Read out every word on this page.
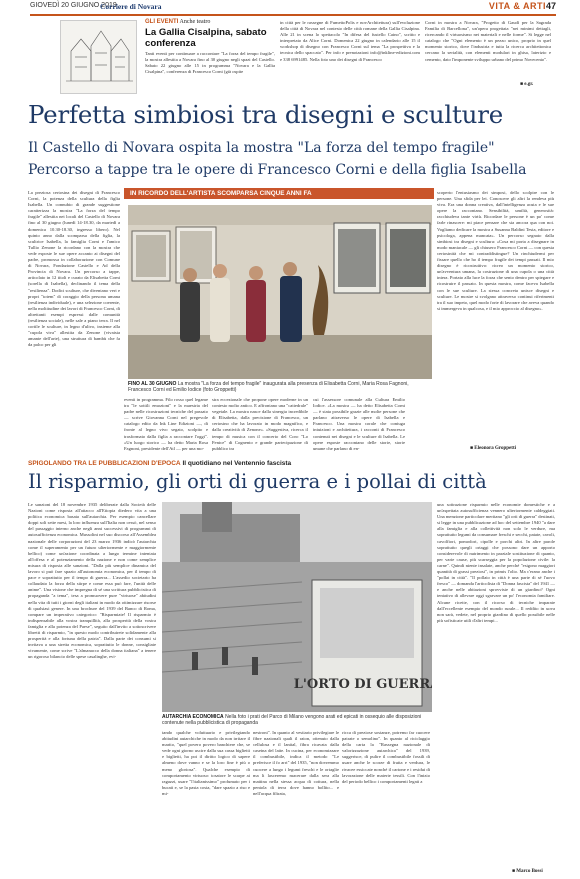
GIOVEDÌ 20 GIUGNO 2019
Corriere di Novara	VITA & ARTI 47
GLI EVENTI Anche teatro
La Gallia Cisalpina, sabato conferenza
Tanti eventi per continuare a raccontare "La forza del tempo fragile", la mostra allestita a Novara fino al 30 giugno negli spazi del Castello. Sabato 22 giugno alle 15 in programma "Novara e la Gallia Cisalpina", conferenza di Francesco Corni (già ospite
in città per le rassegne di FumettoPolis e novArchitettura) sull'evoluzione della città di Novara nel contesto delle città romane della Gallia Cisalpina. Alle 21 in scena lo spettacolo "In difesa del fustello Caino", scritto e interpretato da Alice Corni. Domenica 22 giugno in calendario alle 15 il workshop di disegno con Francesco Corni sul tema "La prospettiva e la tecnica dello spaccato". Per info e prenotazioni info@inkline-edizioni.com e 338 6991485. Nella foto uno dei disegni di Francesco
Corni in mostra a Novara, "Progetto di Gaudí per la Sagrada Familia di Barcellona", un'opera progettata "nei minimi dettagli, ricercando il virtuosismo nei materiali e nelle forme". Si legge nel catalogo che "Ogni elemento è un pezzo unico, proprio in quel momento storico, dove l'industria e tutta la ricerca architettonica cercano la serialità, con elementi modulari in ghisa, laterizio e cemento, dato l'imponente sviluppo urbano del primo Novecento".
■ e.gr.
Perfetta simbiosi tra disegni e sculture
Il Castello di Novara ospita la mostra "La forza del tempo fragile"
Percorso a tappe tra le opere di Francesco Corni e della figlia Isabella
La preziosa certosina dei disegni di Francesco Corni, la potenza della scultura della figlia Isabella. Un connubio di grande suggestione caratterizza la mostra "La forza del tempo fragile" allestita nei locali del Castello di Novara fino al 30 giugno (lunedì 14-18.30, da martedì a domenica 10.30-18.30, ingresso libero). Nel quinto anno dalla scomparsa della figlia, la scultrice Isabella, la famiglia Corni e l'amico Tullio Zenone la ricordano con la mostra che vede esposte le sue opere accanto ai disegni del padre, promossa in collaborazione con Comune di Novara, Fondazione Castello e Ad della Provincia di Novara. Un percorso a tappe, articolato in 12 titoli e curato da Elisabetta Corni (sorella di Isabella), declinando il tema della "resilienza". Dodici sculture, che diventano veri e propri "totem" di coraggio della persona umana (resilienza individuale), e una selezione coerente, nella moltitudine dei lavori di Francesco Corni, di altrettanti esempi espressi dalle comunità (resilienza sociale), nelle sale a piano terra. Il nel cortile le sculture, in legno d'ulivo, insieme alla "cupola viva" allestita da Zenone (vivaista amante dell'arte), una struttura di bambù che fa da palco per gli
IN RICORDO DELL'ARTISTA SCOMPARSA CINQUE ANNI FA
FINO AL 30 GIUGNO La mostra "La forza del tempo fragile" inaugurata alla presenza di Elisabetta Corni, Maria Rosa Fagnoni, Francesco Corni ed Emilio Iodice (foto Groppetti)
eventi in programma. Filo rosso quel legame tra "le sottili emozioni" e la maestria del padre nelle ricostruzioni tecniche del passato — scrive Giovanna Corni nel pregevole catalogo edito da Ink Line Edizioni —, di fronte al legno vivo segato, scolpito e trasformato dalla figlia a raccontare l'oggi". «Un luogo storico — ha detto Maria Rosa Fagnoni, presidente dell'Atl — per una mo-
stra eccezionale che propone opere moderne in un contesto molto antico. E affrontano una "cattedrale" vegetale. La mostra nasce dalla sinergia incredibile di Elisabetta, dalla precisione di Francesco, un certosino che ha lavorato in modo magnifico, e dalla creatività di Zenone». «Suggestiva, ricerca il tempo di musica con il concerto del Coro "Lo Fenice" di Cognento e grande partecipazione di pubblico tra
cui l'assessore comunale alla Cultura Emilio Iodice. «La mostra — ha detto Elisabetta Corni — è stata possibile grazie alle molte persone che parlano attraverso le opere di Isabella e Francesco. Una mostra corale che coniuga intuizioni e architettura, i racconti di Francesco contenuti nei disegni e le sculture di Isabella. Le opere esposte raccontano delle storie, storie umane che parlano di en-
scoperto l'entusiasmo dei simposi, dello scolpire con le persone. Una sfida per lei. Conoscere gli altri la rendeva più viva. Era una donna creativa, dall'intelligenza acuta e le sue opere la raccontano. Sensibilità, umiltà, generosità: racchiudeva tante virtù. Ricordare le persone è un po' come farle rinascere: mi piace pensare che sia ancora qua con noi. Vogliamo dedicare la mostra a Susanna Baldini Testa, editore e psicologa, appena mancata». Un percorso segnato dalla simbiosi tra disegni e scultura: «Cosa mi porta a disegnare in modo maniacale — gli chiusero Francesco Corni — con questa certosinità che mi contraddistingue? Un rinchiudermi per fissare quello che ho il tempo fragile dei tempi passati. Il mio disegno è ricostruttivo: ricreo un momento storico, un'avventura umana, la costruzione di una cupola o una città intera. Portato alla luce la forza che sento dentro per spiegare e ricostruire il passato. In questa mostra, come faceva Isabella con le sue sculture. La stessa concreta unisce disegni e sculture. Le mostre si svolgano attraverso continui riferimenti tra il suo impeto, quel modo forte di lavorare che aveva quando si immergeva in qualcosa, e il mio approccio al disegno».
■ Eleonora Groppetti
SPIGOLANDO TRA LE PUBBLICAZIONI D'EPOCA Il quotidiano nel Ventennio fascista
Il risparmio, gli orti di guerra e i pollai di città
Le sanzioni del 18 novembre 1935 deliberate dalla Società delle Nazioni come risposta all'attacco all'Etiopia diedero vita a una politica economica basata sull'autarchia. Per esempio cancellare doppi soli sette mesi, la loro influenza sull'Italia non cessò, nel senso del passaggio interno anche negli anni successivi di programmi di autosufficienza economica. Mussolini nel suo discorso all'Assemblea nazionale delle corporazioni del 23 marzo 1936 indicò l'autarchia come il superamento per un futuro ulteriormente e maggiormente bellico) come un'azione coordinata a lungo termine intentata all'offesa e al potenziamento della nazione e non come semplice misura di risposta alle sanzioni. "Dalla più semplice dinamica del lavoro si può fare spazio all'autonomia economica, per il tempo di pace e soprattutto per il tempo di guerra... L'assedio societario ha collaudato la forza della stirpe e come essa può fare, l'unità delle anime". Una visione che impregna di sé una scrittura pubblicistica di propaganda "a tema", tesa a promuovere pure "virtuose" abitudini nella vita di tutti i giorni degli italiani in modo da ottimizzare risorse di qualsiasi genere. In una brochure del 1939 del Banco di Roma, compare un imperativo categorico: "Risparmiate! Il risparmio è indispensabile alla vostra tranquillità, alla prosperità della vostra famiglia e alla potenza del Paese", seguito dall'invito a sottoscrivere libretti di risparmio, "in questo modo contribuirete solidamente alla prosperità e alla fortuna della patria". Dalla parte dei consumi si invitava a una stretta economica, soprattutto le donne, consigliate vivamente, come scrive "L'almanacco della donna italiana" a tenere un rigoroso bilancio delle spese casalinghe, evi-
L'ORTO DI GUERRA
AUTARCHIA ECONOMICA Nella foto i prati del Parco di Milano vengono arati ed epicati in ossequio alle disposizioni contenute nella pubblicistica di propaganda
tando qualche voluttuario e privilegiando abitudini autarchiche in modo da non irritare il marito, "quel povero povero banchiere che, se vede ogni giorno uscire dalla sua cassa biglietti e biglietti, ha poi il diritto logico di sapere almeno dove vanno e se la loro fine è più o meno gloriosa". Qualche esempio di comportamento virtuoso: tosatore le scarpe ai ragazzi, usare "l'italianissimo" profumato per i bucati e, se la pasta costa, "dare spazio a riso e mi-
nestroni". In quanto al vestiario privilegiare le fibre nazionali quali il raion, ottenuto dalla cellulosa e il lanital, fibra ricavata dalla caseina del latte. In cucina, per economizzare il combustibile, indica il metodo "Le preferisce il fo arri" del 1935, "non dovremmo cuocere a lungo i legumi freschi e le ortaglie ma li lasceremo macerare dalla sera alla mattina nella stessa acqua di cottura, nella pentola di terra dove hanno bollito... e nell'acqua filtrata,
ricca di preziose sostanze, potremo far cuocere patrate o semolino". In quanto al riciclaggio della carta la "Rassegna nazionale di valorizzazione autarchica" del 1939, suggerisce, di pulire il combustibile fossili di usare anche le scorze di frutta e verdura, le rivacee essiccate nonché il cartone e i residui di lavorazione delle materie tessili. Con l'inizio del periodo bellico i comportamenti legati a
una sottrazione risparmio nelle economie domestiche e a un'aspettata autosufficienza vennero ulteriormente caldeggiati. Una menzione particolare meritano "gli orti di guerra" destinati, si legge in una pubblicazione ad hoc del settembre 1940 "a dare alla famiglia e alla collettività non solo le verdure, ma soprattutto legumi da consumare freschi e secchi, patate, cavoli, cavolfiori, pomodori, cipolle e porchi altri. In altre parole soprattutto quegli ortaggi che possono dare un apporto considerevole di nutrimento in parziale sostituzione di quanto, per varie cause, più scarseggia per la popolazione civile: la carne". Quindi niente insalate, anche perché "esigono maggiori quantità di grassi preziosi", in primis l'olio. Ma c'erano anche i "pollai in città". "Il pollaio in città è una parte di sé l'uovo fresco" — domanda l'articolista di "Donna fascista" del 1941 — e anche nelle abitazioni sprovviste di un giardino? Ogni tentativo di allevare oggi sgravare un po' l'economia familiare. Alcune ricette, con il ricorso di tecniche imparate dall'eccellente esempio del mondo rurale... Il reddito in uova non sarà, vedete, nel proprio giardino di quello possibile nelle più sofisticate utili d'altri tempi...
■ Marco Bossi
